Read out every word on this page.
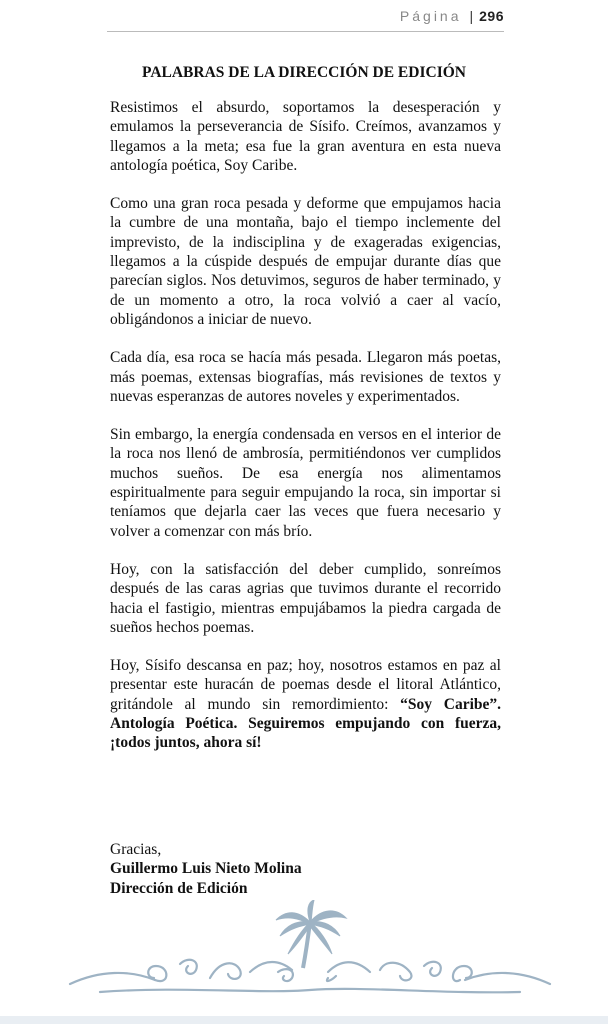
Página | 296
PALABRAS DE LA DIRECCIÓN DE EDICIÓN

Resistimos el absurdo, soportamos la desesperación y emulamos la perseverancia de Sísifo. Creímos, avanzamos y llegamos a la meta; esa fue la gran aventura en esta nueva antología poética, Soy Caribe.

Como una gran roca pesada y deforme que empujamos hacia la cumbre de una montaña, bajo el tiempo inclemente del imprevisto, de la indisciplina y de exageradas exigencias, llegamos a la cúspide después de empujar durante días que parecían siglos. Nos detuvimos, seguros de haber terminado, y de un momento a otro, la roca volvió a caer al vacío, obligándonos a iniciar de nuevo.

Cada día, esa roca se hacía más pesada. Llegaron más poetas, más poemas, extensas biografías, más revisiones de textos y nuevas esperanzas de autores noveles y experimentados.

Sin embargo, la energía condensada en versos en el interior de la roca nos llenó de ambrosía, permitiéndonos ver cumplidos muchos sueños. De esa energía nos alimentamos espiritualmente para seguir empujando la roca, sin importar si teníamos que dejarla caer las veces que fuera necesario y volver a comenzar con más brío.

Hoy, con la satisfacción del deber cumplido, sonreímos después de las caras agrias que tuvimos durante el recorrido hacia el fastigio, mientras empujábamos la piedra cargada de sueños hechos poemas.

Hoy, Sísifo descansa en paz; hoy, nosotros estamos en paz al presentar este huracán de poemas desde el litoral Atlántico, gritándole al mundo sin remordimiento: “Soy Caribe”. Antología Poética. Seguiremos empujando con fuerza, ¡todos juntos, ahora sí!

Gracias,
Guillermo Luis Nieto Molina
Dirección de Edición
